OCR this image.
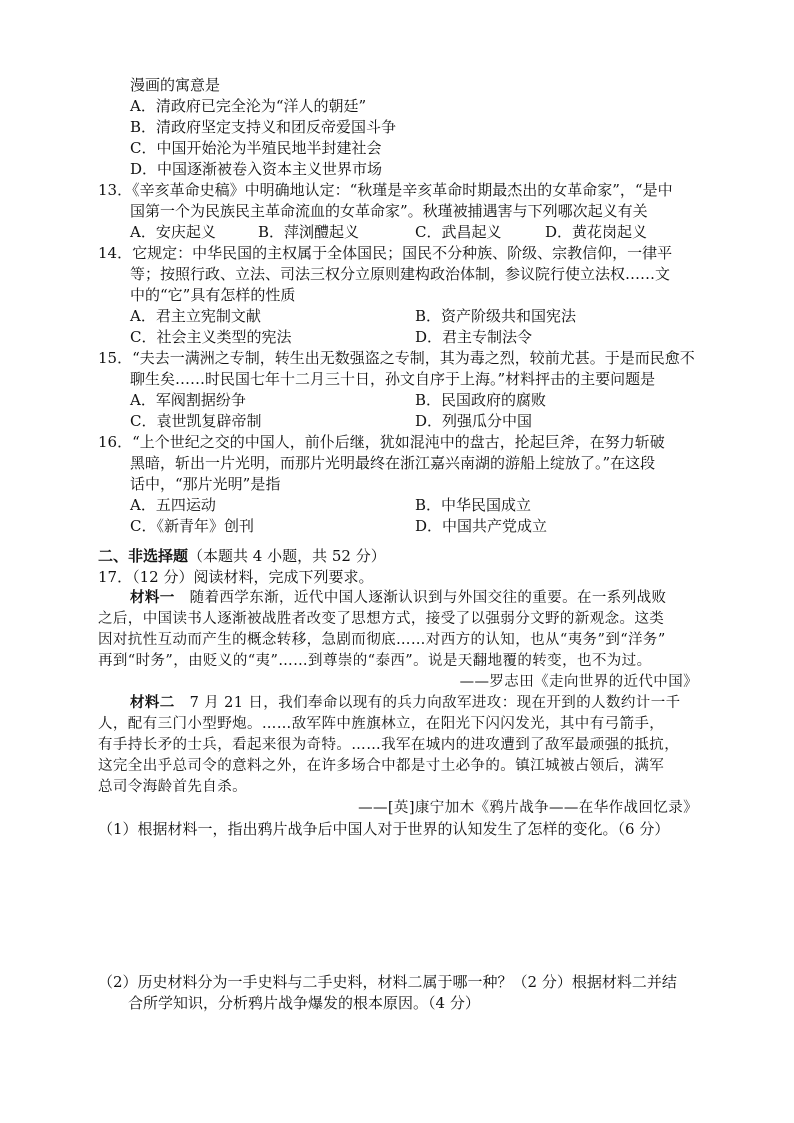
漫画的寓意是
A．清政府已完全沦为“洋人的朝廷”
B．清政府坚定支持义和团反帝爱国斗争
C．中国开始沦为半殖民地半封建社会
D．中国逐渐被卷入资本主义世界市场
13．《辛亥革命史稿》中明确地认定：“秋瑾是辛亥革命时期最杰出的女革命家”，“是中
国第一个为民族民主革命流血的女革命家”。秋瑾被捕遇害与下列哪次起义有关
A．安庆起义	B．萍浏醴起义	C．武昌起义	D．黄花岗起义
14．它规定：中华民国的主权属于全体国民；国民不分种族、阶级、宗教信仰，一律平
等；按照行政、立法、司法三权分立原则建构政治体制，参议院行使立法权……文
中的“它”具有怎样的性质
A．君主立宪制文献	B．资产阶级共和国宪法
C．社会主义类型的宪法	D．君主专制法令
15．“夫去一满洲之专制，转生出无数强盗之专制，其为毒之烈，较前尤甚。于是而民愈不
聊生矣……时民国七年十二月三十日，孙文自序于上海。”材料抨击的主要问题是
A．军阀割据纷争	B．民国政府的腐败
C．袁世凯复辟帝制	D．列强瓜分中国
16．“上个世纪之交的中国人，前仆后继，犹如混沌中的盘古，抡起巨斧，在努力斩破
黑暗，斩出一片光明，而那片光明最终在浙江嘉兴南湖的游船上绽放了。”在这段
话中，“那片光明”是指
A．五四运动	B．中华民国成立
C．《新青年》创刊	D．中国共产党成立
二、非选择题（本题共 4 小题，共 52 分）
17．（12 分）阅读材料，完成下列要求。
材料一　随着西学东渐，近代中国人逐渐认识到与外国交往的重要。在一系列战败
之后，中国读书人逐渐被战胜者改变了思想方式，接受了以强弱分文野的新观念。这类
因对抗性互动而产生的概念转移，急剧而彻底……对西方的认知，也从“夷务”到“洋务”
再到“时务”，由贬义的“夷”……到尊崇的“泰西”。说是天翻地覆的转变，也不为过。
——罗志田《走向世界的近代中国》
材料二　7 月 21 日，我们奉命以现有的兵力向敌军进攻：现在开到的人数约计一千
人，配有三门小型野炮。……敌军阵中旌旗林立，在阳光下闪闪发光，其中有弓箭手，
有手持长矛的士兵，看起来很为奇特。……我军在城内的进攻遭到了敌军最顽强的抵抗，
这完全出乎总司令的意料之外，在许多场合中都是寸土必争的。镇江城被占领后，满军
总司令海龄首先自杀。
——[英]康宁加木《鸦片战争——在华作战回忆录》
（1）根据材料一，指出鸦片战争后中国人对于世界的认知发生了怎样的变化。（6 分）
（2）历史材料分为一手史料与二手史料，材料二属于哪一种？（2 分）根据材料二并结
合所学知识，分析鸦片战争爆发的根本原因。（4 分）
